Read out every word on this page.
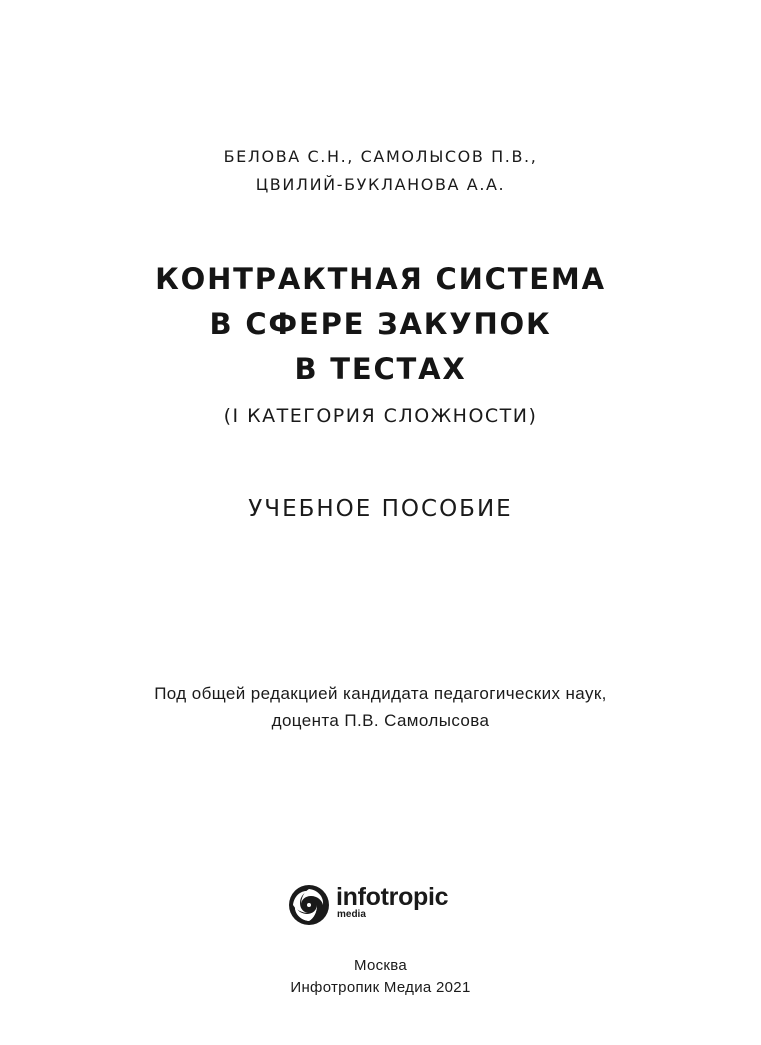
БЕЛОВА С.Н., САМОЛЫСОВ П.В.,
ЦВИЛИЙ-БУКЛАНОВА А.А.
КОНТРАКТНАЯ СИСТЕМА
В СФЕРЕ ЗАКУПОК
В ТЕСТАХ
(I КАТЕГОРИЯ СЛОЖНОСТИ)
УЧЕБНОЕ ПОСОБИЕ
Под общей редакцией кандидата педагогических наук,
доцента П.В. Самолысова
infotropic
media
Москва
Инфотропик Медиа 2021
